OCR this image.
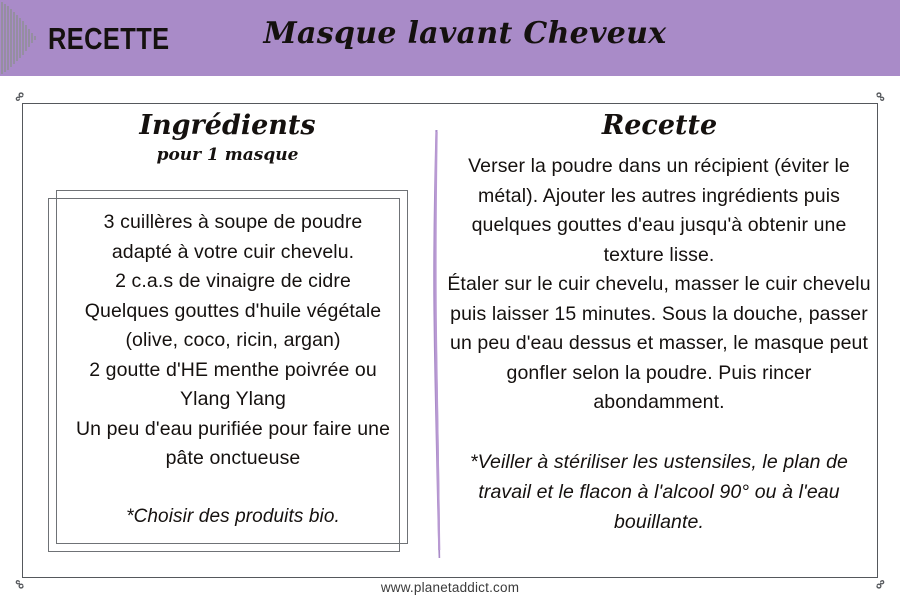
RECETTE	Masque lavant Cheveux
Ingrédients
pour 1 masque
3 cuillères à soupe de poudre
adapté à votre cuir chevelu.
2 c.a.s de vinaigre de cidre
Quelques gouttes d'huile végétale
(olive, coco, ricin, argan)
2 goutte d'HE menthe poivrée ou
Ylang Ylang
Un peu d'eau purifiée pour faire une
pâte onctueuse
*Choisir des produits bio.
Recette

Verser la poudre dans un récipient (éviter le métal). Ajouter les autres ingrédients puis quelques gouttes d'eau jusqu'à obtenir une texture lisse.

Étaler sur le cuir chevelu, masser le cuir chevelu puis laisser 15 minutes. Sous la douche, passer un peu d'eau dessus et masser, le masque peut gonfler selon la poudre. Puis rincer abondamment.

*Veiller à stériliser les ustensiles, le plan de travail et le flacon à l'alcool 90° ou à l'eau bouillante.

www.planetaddict.com
